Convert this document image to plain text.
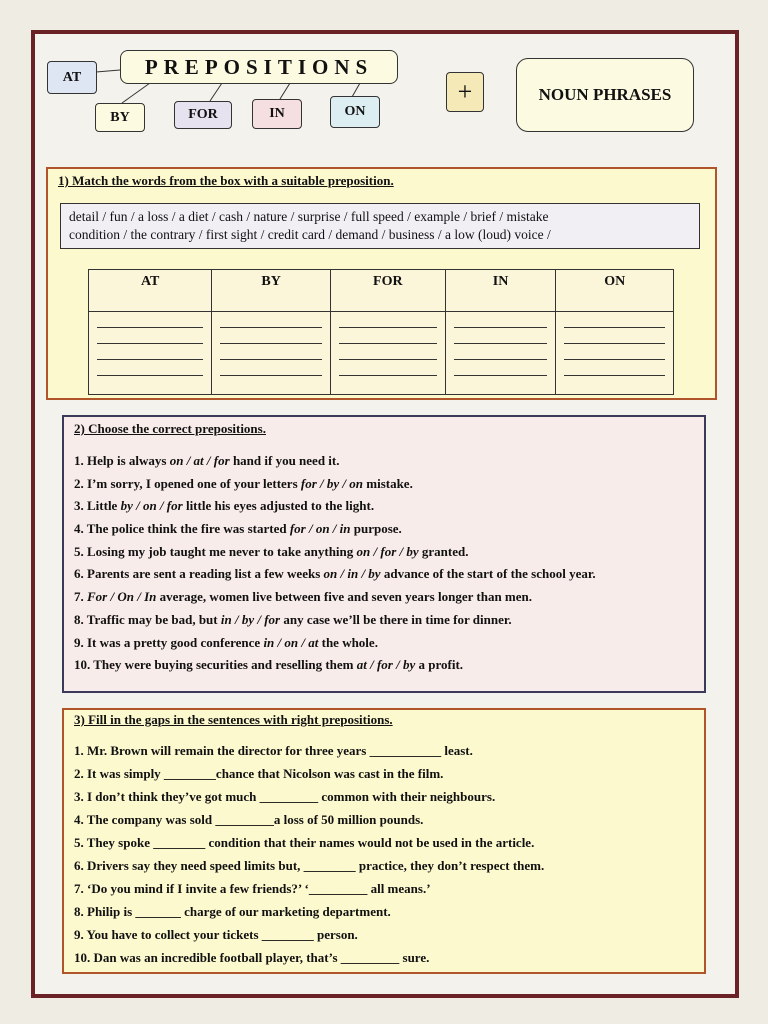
PREPOSITIONS
AT
BY	FOR	IN	ON
+	NOUN PHRASES
1) Match the words from the box with a suitable preposition.
detail / fun / a loss / a diet / cash / nature / surprise / full speed / example / brief / mistake
condition / the contrary / first sight / credit card / demand / business / a low (loud) voice /
AT	BY	FOR	IN	ON

2) Choose the correct prepositions.
1. Help is always on / at / for hand if you need it.
2. I’m sorry, I opened one of your letters for / by / on mistake.
3. Little by / on / for little his eyes adjusted to the light.
4. The police think the fire was started for / on / in purpose.
5. Losing my job taught me never to take anything on / for / by granted.
6. Parents are sent a reading list a few weeks on / in / by advance of the start of the school year.
7. For / On / In average, women live between five and seven years longer than men.
8. Traffic may be bad, but in / by / for any case we’ll be there in time for dinner.
9. It was a pretty good conference in / on / at the whole.
10. They were buying securities and reselling them at / for / by a profit.
3) Fill in the gaps in the sentences with right prepositions.
1. Mr. Brown will remain the director for three years ___________ least.
2. It was simply ________chance that Nicolson was cast in the film.
3. I don’t think they’ve got much _________ common with their neighbours.
4. The company was sold _________a loss of 50 million pounds.
5. They spoke ________ condition that their names would not be used in the article.
6. Drivers say they need speed limits but, ________ practice, they don’t respect them.
7. ‘Do you mind if I invite a few friends?’ ‘_________ all means.’
8. Philip is _______ charge of our marketing department.
9. You have to collect your tickets ________ person.
10. Dan was an incredible football player, that’s _________ sure.
